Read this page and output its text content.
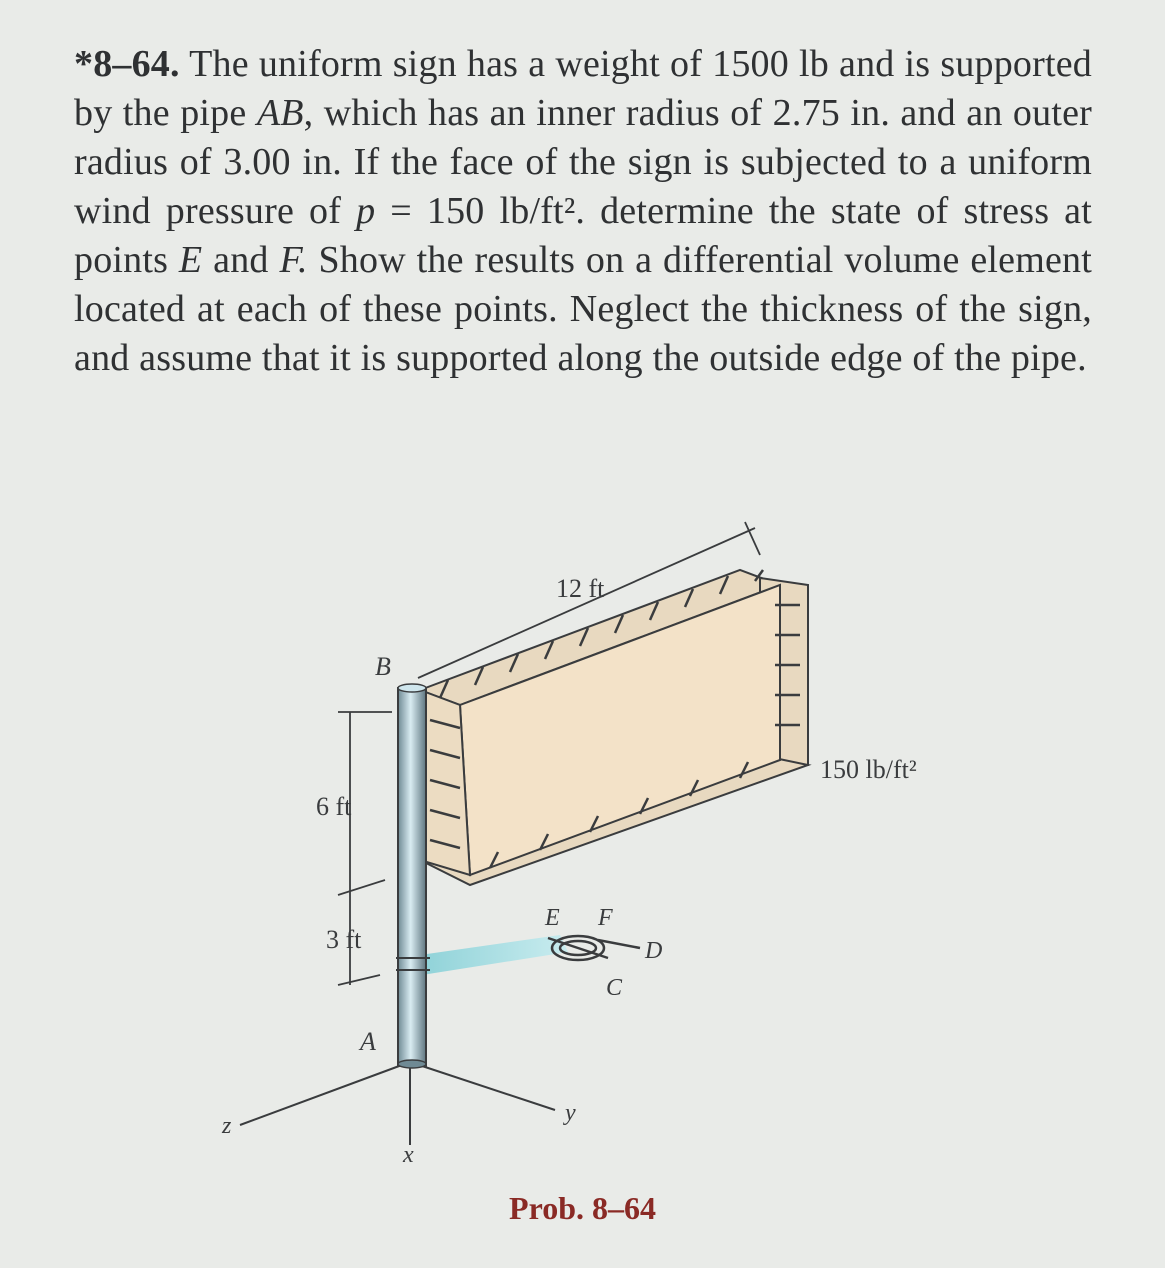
*8–64. The uniform sign has a weight of 1500 lb and is supported by the pipe AB, which has an inner radius of 2.75 in. and an outer radius of 3.00 in. If the face of the sign is subjected to a uniform wind pressure of p = 150 lb/ft². determine the state of stress at points E and F. Show the results on a differential volume element located at each of these points. Neglect the thickness of the sign, and assume that it is supported along the outside edge of the pipe.
12 ft
6 ft
3 ft
150 lb/ft²
B
A
E F
D
C
z	y
x
Prob. 8–64
